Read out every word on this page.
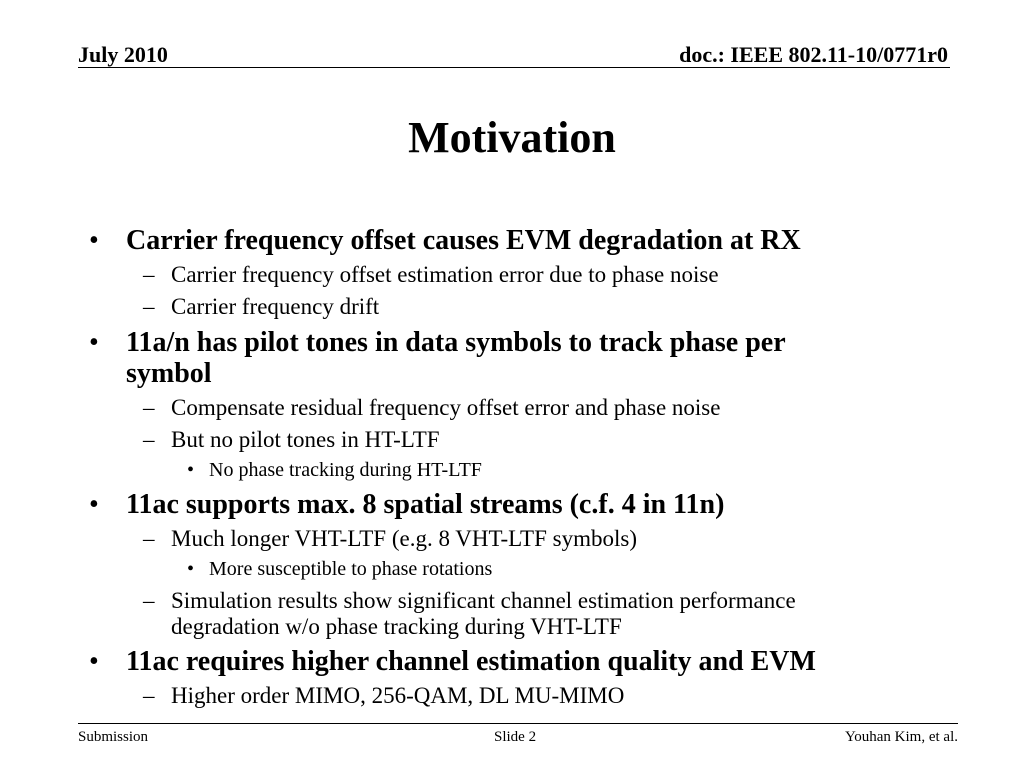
July 2010	doc.: IEEE 802.11-10/0771r0
Motivation
• Carrier frequency offset causes EVM degradation at RX
– Carrier frequency offset estimation error due to phase noise
– Carrier frequency drift
• 11a/n has pilot tones in data symbols to track phase per
symbol
– Compensate residual frequency offset error and phase noise
– But no pilot tones in HT-LTF
• No phase tracking during HT-LTF
• 11ac supports max. 8 spatial streams (c.f. 4 in 11n)
– Much longer VHT-LTF (e.g. 8 VHT-LTF symbols)
• More susceptible to phase rotations
– Simulation results show significant channel estimation performance
degradation w/o phase tracking during VHT-LTF
• 11ac requires higher channel estimation quality and EVM
– Higher order MIMO, 256-QAM, DL MU-MIMO
Submission	Slide 2	Youhan Kim, et al.
